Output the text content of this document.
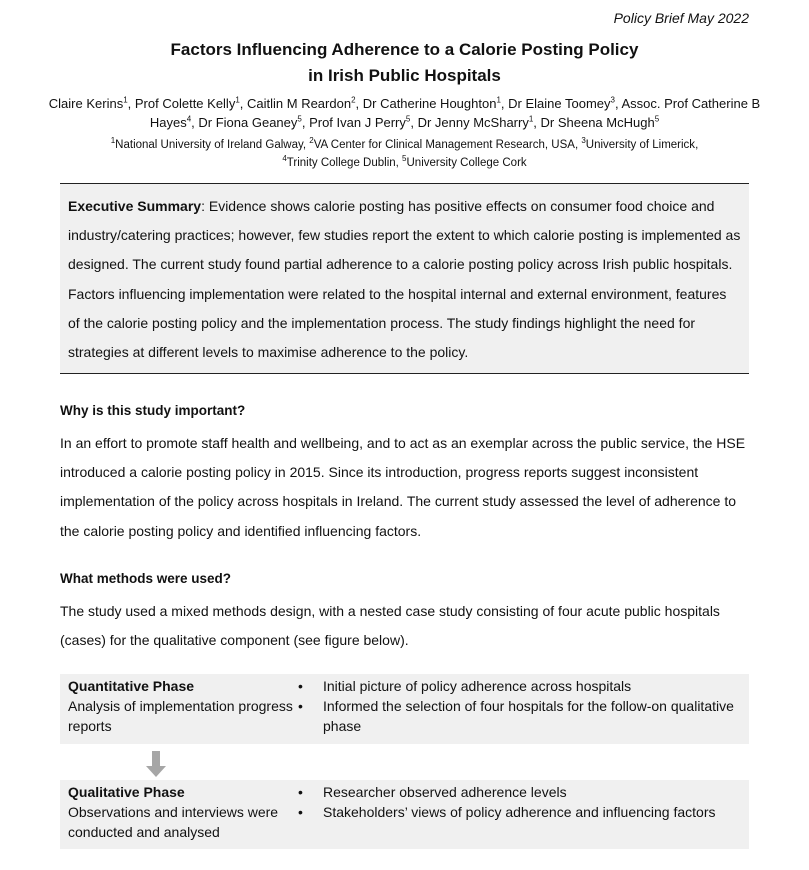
Policy Brief May 2022
Factors Influencing Adherence to a Calorie Posting Policy
in Irish Public Hospitals
Claire Kerins$^1$, Prof Colette Kelly$^1$, Caitlin M Reardon$^2$, Dr Catherine Houghton$^1$, Dr Elaine Toomey$^3$, Assoc. Prof Catherine B Hayes$^4$, Dr Fiona Geaney$^5$, Prof Ivan J Perry$^5$, Dr Jenny McSharry$^1$, Dr Sheena McHugh$^5$
$^1$National University of Ireland Galway, $^2$VA Center for Clinical Management Research, USA, $^3$University of Limerick,
$^4$Trinity College Dublin, $^5$University College Cork
Executive Summary: Evidence shows calorie posting has positive effects on consumer food choice and industry/catering practices; however, few studies report the extent to which calorie posting is implemented as designed. The current study found partial adherence to a calorie posting policy across Irish public hospitals. Factors influencing implementation were related to the hospital internal and external environment, features of the calorie posting policy and the implementation process. The study findings highlight the need for strategies at different levels to maximise adherence to the policy.
Why is this study important?
In an effort to promote staff health and wellbeing, and to act as an exemplar across the public service, the HSE introduced a calorie posting policy in 2015. Since its introduction, progress reports suggest inconsistent implementation of the policy across hospitals in Ireland. The current study assessed the level of adherence to the calorie posting policy and identified influencing factors.
What methods were used?
The study used a mixed methods design, with a nested case study consisting of four acute public hospitals (cases) for the qualitative component (see figure below).
Quantitative Phase
Analysis of implementation progress reports
• Initial picture of policy adherence across hospitals
• Informed the selection of four hospitals for the follow-on qualitative phase
Qualitative Phase
Observations and interviews were conducted and analysed
• Researcher observed adherence levels
• Stakeholders’ views of policy adherence and influencing factors
